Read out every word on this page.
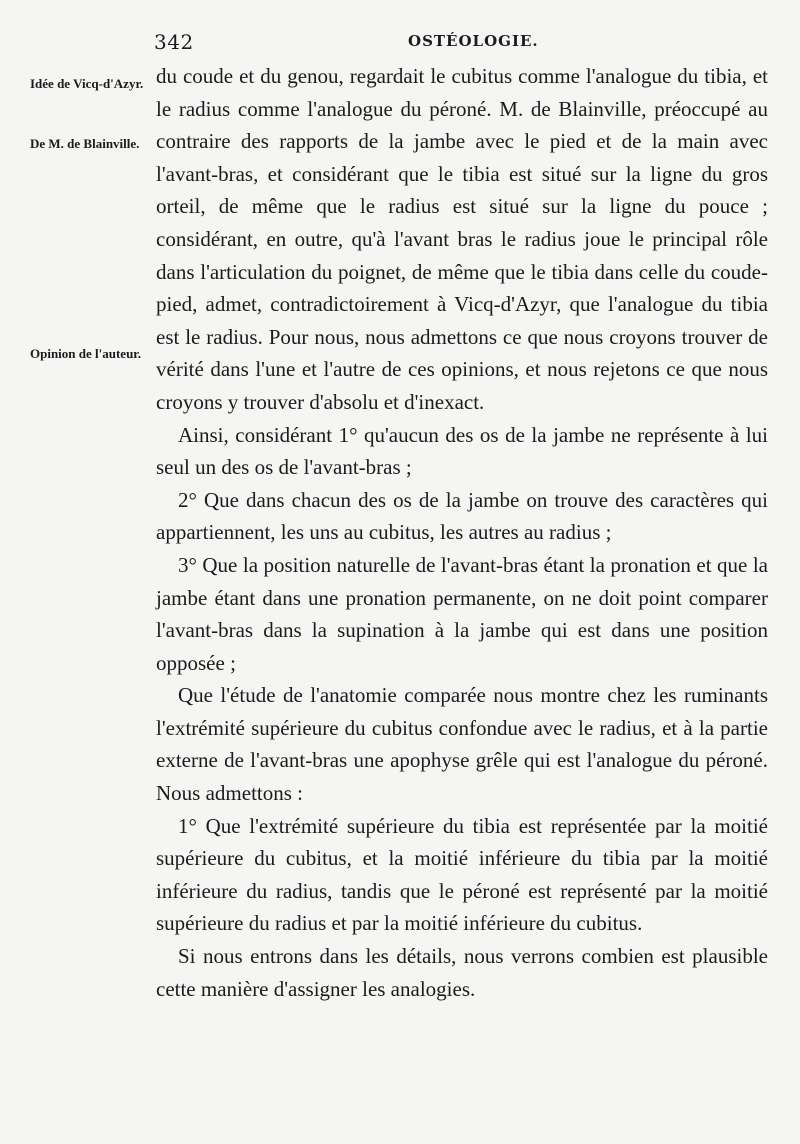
342	OSTÉOLOGIE.
Idée de Vicq-d'Azyr.
De M. de Blainville.
Opinion de l'auteur.

du coude et du genou, regardait le cubitus comme l'analogue du tibia, et le radius comme l'analogue du péroné. M. de Blainville, préoccupé au contraire des rapports de la jambe avec le pied et de la main avec l'avant-bras, et considérant que le tibia est situé sur la ligne du gros orteil, de même que le radius est situé sur la ligne du pouce ; considérant, en outre, qu'à l'avant bras le radius joue le principal rôle dans l'articulation du poignet, de même que le tibia dans celle du coude-pied, admet, contradictoirement à Vicq-d'Azyr, que l'analogue du tibia est le radius. Pour nous, nous admettons ce que nous croyons trouver de vérité dans l'une et l'autre de ces opinions, et nous rejetons ce que nous croyons y trouver d'absolu et d'inexact.

Ainsi, considérant 1° qu'aucun des os de la jambe ne représente à lui seul un des os de l'avant-bras ;

2° Que dans chacun des os de la jambe on trouve des caractères qui appartiennent, les uns au cubitus, les autres au radius ;

3° Que la position naturelle de l'avant-bras étant la pronation et que la jambe étant dans une pronation permanente, on ne doit point comparer l'avant-bras dans la supination à la jambe qui est dans une position opposée ;

Que l'étude de l'anatomie comparée nous montre chez les ruminants l'extrémité supérieure du cubitus confondue avec le radius, et à la partie externe de l'avant-bras une apophyse grêle qui est l'analogue du péroné. Nous admettons :

1° Que l'extrémité supérieure du tibia est représentée par la moitié supérieure du cubitus, et la moitié inférieure du tibia par la moitié inférieure du radius, tandis que le péroné est représenté par la moitié supérieure du radius et par la moitié inférieure du cubitus.

Si nous entrons dans les détails, nous verrons combien est plausible cette manière d'assigner les analogies.
